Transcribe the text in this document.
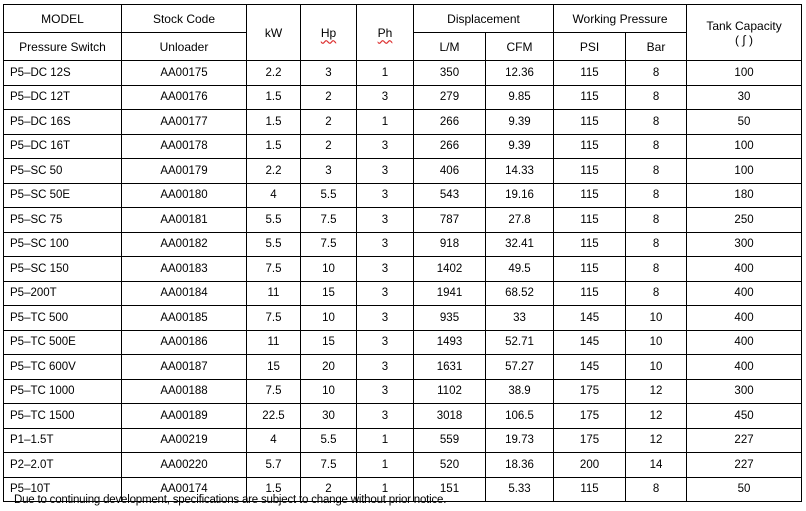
MODEL	Stock Code	kW	Hp	Ph	Displacement		Working Pressure		Tank Capacity
( ∫ )

Pressure Switch	Unloader				L/M	CFM	PSI	Bar	
P5–DC 12S	AA00175	2.2	3	1	350	12.36	115	8	100
P5–DC 12T	AA00176	1.5	2	3	279	9.85	115	8	30
P5–DC 16S	AA00177	1.5	2	1	266	9.39	115	8	50
P5–DC 16T	AA00178	1.5	2	3	266	9.39	115	8	100
P5–SC 50	AA00179	2.2	3	3	406	14.33	115	8	100
P5–SC 50E	AA00180	4	5.5	3	543	19.16	115	8	180
P5–SC 75	AA00181	5.5	7.5	3	787	27.8	115	8	250
P5–SC 100	AA00182	5.5	7.5	3	918	32.41	115	8	300
P5–SC 150	AA00183	7.5	10	3	1402	49.5	115	8	400
P5–200T	AA00184	11	15	3	1941	68.52	115	8	400
P5–TC 500	AA00185	7.5	10	3	935	33	145	10	400
P5–TC 500E	AA00186	11	15	3	1493	52.71	145	10	400
P5–TC 600V	AA00187	15	20	3	1631	57.27	145	10	400
P5–TC 1000	AA00188	7.5	10	3	1102	38.9	175	12	300
P5–TC 1500	AA00189	22.5	30	3	3018	106.5	175	12	450
P1–1.5T	AA00219	4	5.5	1	559	19.73	175	12	227
P2–2.0T	AA00220	5.7	7.5	1	520	18.36	200	14	227
P5–10T	AA00174	1.5	2	1	151	5.33	115	8	50
Due to continuing development, specifications are subject to change without prior notice.
